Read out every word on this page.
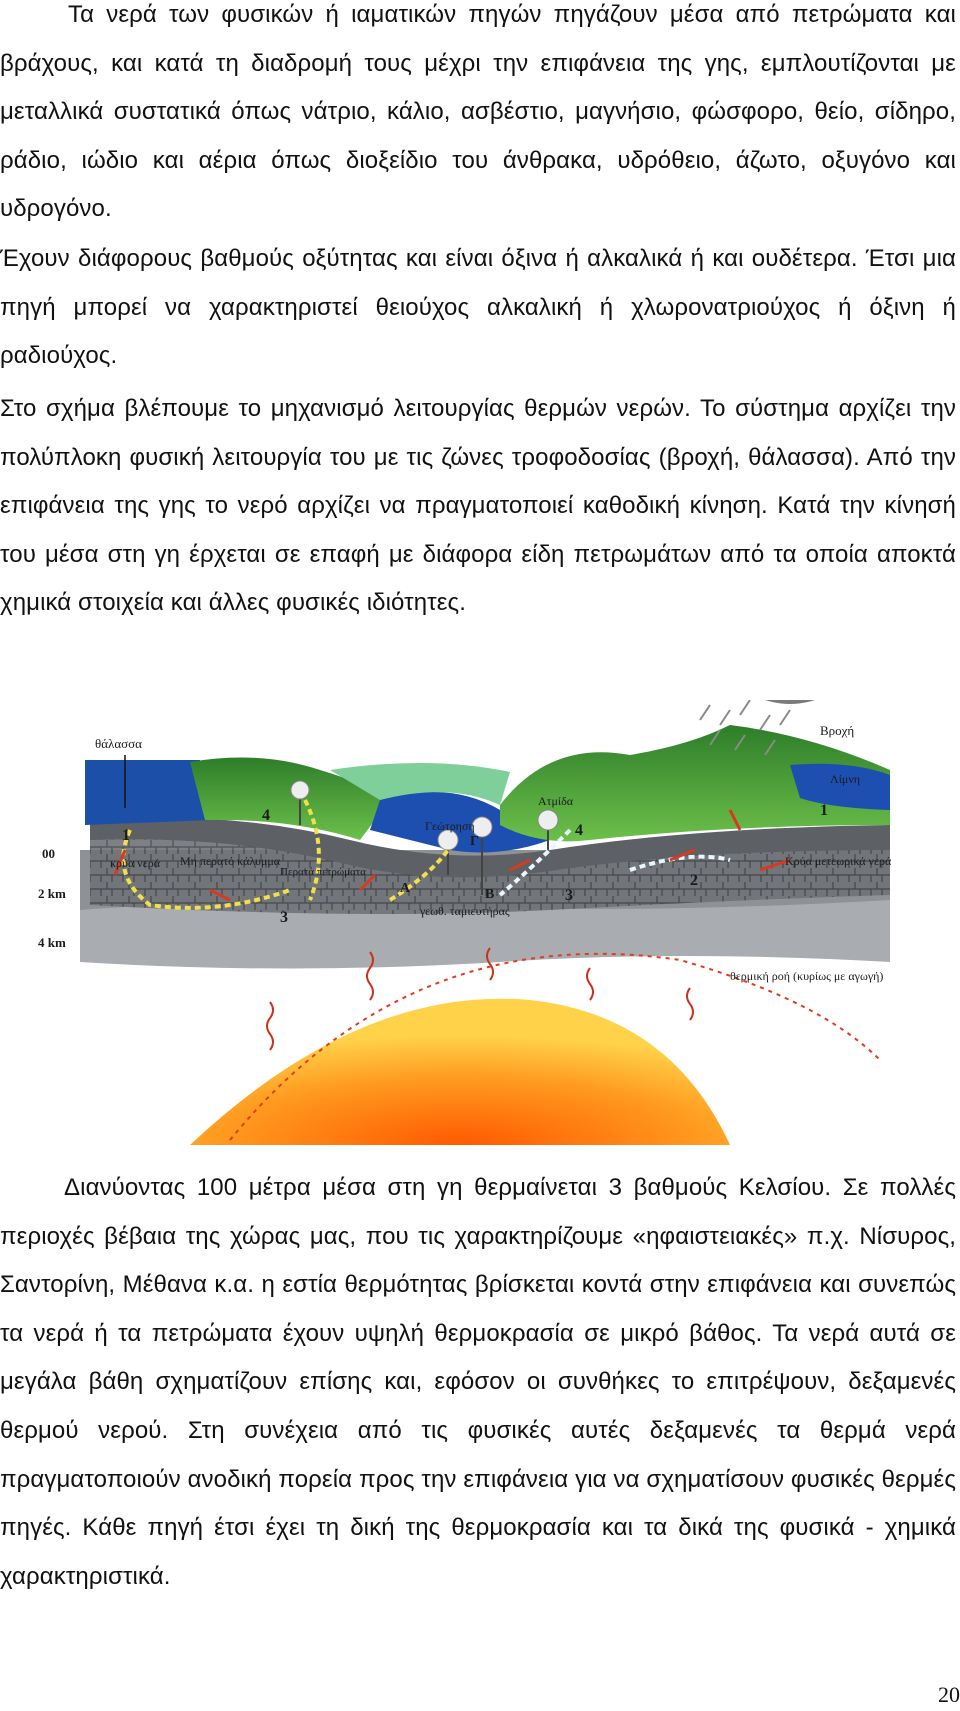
Τα νερά των φυσικών ή ιαματικών πηγών πηγάζουν μέσα από πετρώματα και βράχους, και κατά τη διαδρομή τους μέχρι την επιφάνεια της γης, εμπλουτίζονται με μεταλλικά συστατικά όπως νάτριο, κάλιο, ασβέστιο, μαγνήσιο, φώσφορο, θείο, σίδηρο, ράδιο, ιώδιο και αέρια όπως διοξείδιο του άνθρακα, υδρόθειο, άζωτο, οξυγόνο και υδρογόνο.

Έχουν διάφορους βαθμούς οξύτητας και είναι όξινα ή αλκαλικά ή και ουδέτερα. Έτσι μια πηγή μπορεί να χαρακτηριστεί θειούχος αλκαλική ή χλωρονατριούχος ή όξινη ή ραδιούχος.

Στο σχήμα βλέπουμε το μηχανισμό λειτουργίας θερμών νερών. Το σύστημα αρχίζει την πολύπλοκη φυσική λειτουργία του με τις ζώνες τροφοδοσίας (βροχή, θάλασσα). Από την επιφάνεια της γης το νερό αρχίζει να πραγματοποιεί καθοδική κίνηση. Κατά την κίνησή του μέσα στη γη έρχεται σε επαφή με διάφορα είδη πετρωμάτων από τα οποία αποκτά χημικά στοιχεία και άλλες φυσικές ιδιότητες.

θάλασσα
Βροχή
Λίμνη
Ατμίδα
Γεώτρηση
κρύα νερά Μη περατό κάλυμμα
Περατά πετρώματα
γεωθ. ταμιευτήρας
Κρύα μετεωρικά νερά
θερμική ροή (κυρίως με αγωγή)
00
2 km
4 km
1
1
4
4
3
3
2
Α	Β
Γ

Διανύοντας 100 μέτρα μέσα στη γη θερμαίνεται 3 βαθμούς Κελσίου. Σε πολλές περιοχές βέβαια της χώρας μας, που τις χαρακτηρίζουμε «ηφαιστειακές» π.χ. Νίσυρος, Σαντορίνη, Μέθανα κ.α. η εστία θερμότητας βρίσκεται κοντά στην επιφάνεια και συνεπώς τα νερά ή τα πετρώματα έχουν υψηλή θερμοκρασία σε μικρό βάθος. Τα νερά αυτά σε μεγάλα βάθη σχηματίζουν επίσης και, εφόσον οι συνθήκες το επιτρέψουν, δεξαμενές θερμού νερού. Στη συνέχεια από τις φυσικές αυτές δεξαμενές τα θερμά νερά πραγματοποιούν ανοδική πορεία προς την επιφάνεια για να σχηματίσουν φυσικές θερμές πηγές. Κάθε πηγή έτσι έχει τη δική της θερμοκρασία και τα δικά της φυσικά - χημικά χαρακτηριστικά.

20
